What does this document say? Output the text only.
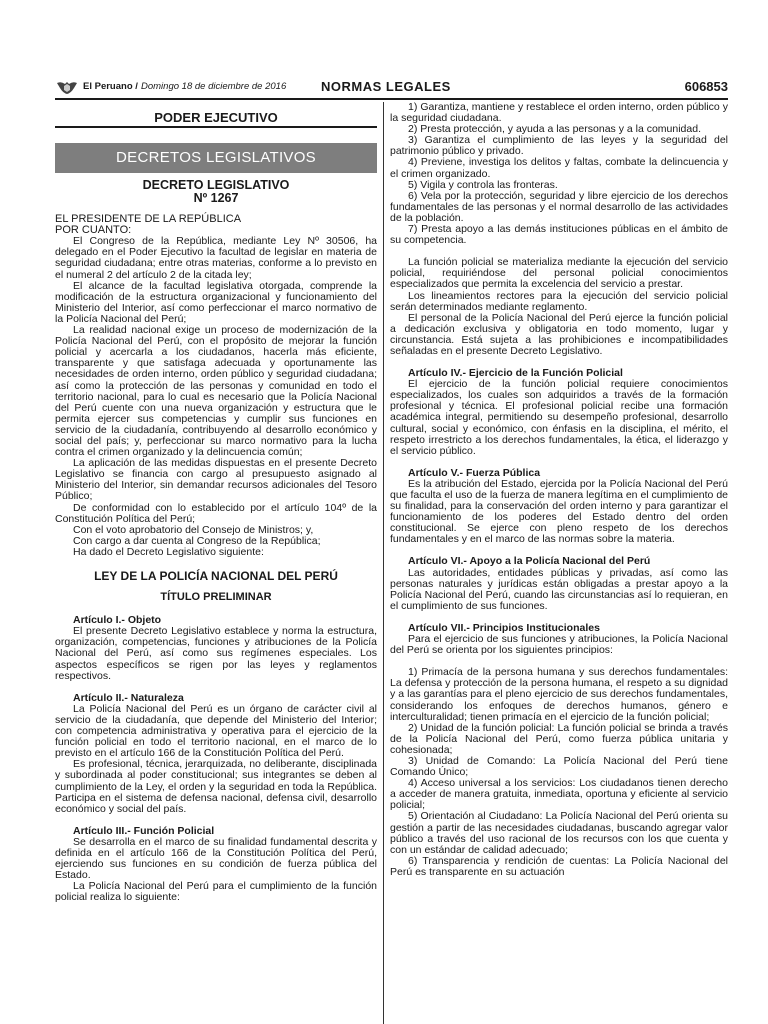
El Peruano / Domingo 18 de diciembre de 2016	NORMAS LEGALES	606853
PODER EJECUTIVO
DECRETOS LEGISLATIVOS
DECRETO LEGISLATIVO
Nº 1267

EL PRESIDENTE DE LA REPÚBLICA

POR CUANTO:

El Congreso de la República, mediante Ley Nº 30506, ha delegado en el Poder Ejecutivo la facultad de legislar en materia de seguridad ciudadana; entre otras materias, conforme a lo previsto en el numeral 2 del artículo 2 de la citada ley;

El alcance de la facultad legislativa otorgada, comprende la modificación de la estructura organizacional y funcionamiento del Ministerio del Interior, así como perfeccionar el marco normativo de la Policía Nacional del Perú;

La realidad nacional exige un proceso de modernización de la Policía Nacional del Perú, con el propósito de mejorar la función policial y acercarla a los ciudadanos, hacerla más eficiente, transparente y que satisfaga adecuada y oportunamente las necesidades de orden interno, orden público y seguridad ciudadana; así como la protección de las personas y comunidad en todo el territorio nacional, para lo cual es necesario que la Policía Nacional del Perú cuente con una nueva organización y estructura que le permita ejercer sus competencias y cumplir sus funciones en servicio de la ciudadanía, contribuyendo al desarrollo económico y social del país; y, perfeccionar su marco normativo para la lucha contra el crimen organizado y la delincuencia común;

La aplicación de las medidas dispuestas en el presente Decreto Legislativo se financia con cargo al presupuesto asignado al Ministerio del Interior, sin demandar recursos adicionales del Tesoro Público;

De conformidad con lo establecido por el artículo 104º de la Constitución Política del Perú;

Con el voto aprobatorio del Consejo de Ministros; y,

Con cargo a dar cuenta al Congreso de la República;

Ha dado el Decreto Legislativo siguiente:

LEY DE LA POLICÍA NACIONAL DEL PERÚ
TÍTULO PRELIMINAR

Artículo I.- Objeto

El presente Decreto Legislativo establece y norma la estructura, organización, competencias, funciones y atribuciones de la Policía Nacional del Perú, así como sus regímenes especiales. Los aspectos específicos se rigen por las leyes y reglamentos respectivos.

Artículo II.- Naturaleza

La Policía Nacional del Perú es un órgano de carácter civil al servicio de la ciudadanía, que depende del Ministerio del Interior; con competencia administrativa y operativa para el ejercicio de la función policial en todo el territorio nacional, en el marco de lo previsto en el artículo 166 de la Constitución Política del Perú.

Es profesional, técnica, jerarquizada, no deliberante, disciplinada y subordinada al poder constitucional; sus integrantes se deben al cumplimiento de la Ley, el orden y la seguridad en toda la República. Participa en el sistema de defensa nacional, defensa civil, desarrollo económico y social del país.

Artículo III.- Función Policial

Se desarrolla en el marco de su finalidad fundamental descrita y definida en el artículo 166 de la Constitución Política del Perú, ejerciendo sus funciones en su condición de fuerza pública del Estado.

La Policía Nacional del Perú para el cumplimiento de la función policial realiza lo siguiente:

1) Garantiza, mantiene y restablece el orden interno, orden público y la seguridad ciudadana.

2) Presta protección, y ayuda a las personas y a la comunidad.

3) Garantiza el cumplimiento de las leyes y la seguridad del patrimonio público y privado.

4) Previene, investiga los delitos y faltas, combate la delincuencia y el crimen organizado.

5) Vigila y controla las fronteras.

6) Vela por la protección, seguridad y libre ejercicio de los derechos fundamentales de las personas y el normal desarrollo de las actividades de la población.

7) Presta apoyo a las demás instituciones públicas en el ámbito de su competencia.

La función policial se materializa mediante la ejecución del servicio policial, requiriéndose del personal policial conocimientos especializados que permita la excelencia del servicio a prestar.

Los lineamientos rectores para la ejecución del servicio policial serán determinados mediante reglamento.

El personal de la Policía Nacional del Perú ejerce la función policial a dedicación exclusiva y obligatoria en todo momento, lugar y circunstancia. Está sujeta a las prohibiciones e incompatibilidades señaladas en el presente Decreto Legislativo.

Artículo IV.- Ejercicio de la Función Policial

El ejercicio de la función policial requiere conocimientos especializados, los cuales son adquiridos a través de la formación profesional y técnica. El profesional policial recibe una formación académica integral, permitiendo su desempeño profesional, desarrollo cultural, social y económico, con énfasis en la disciplina, el mérito, el respeto irrestricto a los derechos fundamentales, la ética, el liderazgo y el servicio público.

Artículo V.- Fuerza Pública

Es la atribución del Estado, ejercida por la Policía Nacional del Perú que faculta el uso de la fuerza de manera legítima en el cumplimiento de su finalidad, para la conservación del orden interno y para garantizar el funcionamiento de los poderes del Estado dentro del orden constitucional. Se ejerce con pleno respeto de los derechos fundamentales y en el marco de las normas sobre la materia.

Artículo VI.- Apoyo a la Policía Nacional del Perú

Las autoridades, entidades públicas y privadas, así como las personas naturales y jurídicas están obligadas a prestar apoyo a la Policía Nacional del Perú, cuando las circunstancias así lo requieran, en el cumplimiento de sus funciones.

Artículo VII.- Principios Institucionales

Para el ejercicio de sus funciones y atribuciones, la Policía Nacional del Perú se orienta por los siguientes principios:

1) Primacía de la persona humana y sus derechos fundamentales: La defensa y protección de la persona humana, el respeto a su dignidad y a las garantías para el pleno ejercicio de sus derechos fundamentales, considerando los enfoques de derechos humanos, género e interculturalidad; tienen primacía en el ejercicio de la función policial;

2) Unidad de la función policial: La función policial se brinda a través de la Policía Nacional del Perú, como fuerza pública unitaria y cohesionada;

3) Unidad de Comando: La Policía Nacional del Perú tiene Comando Único;

4) Acceso universal a los servicios: Los ciudadanos tienen derecho a acceder de manera gratuita, inmediata, oportuna y eficiente al servicio policial;

5) Orientación al Ciudadano: La Policía Nacional del Perú orienta su gestión a partir de las necesidades ciudadanas, buscando agregar valor público a través del uso racional de los recursos con los que cuenta y con un estándar de calidad adecuado;

6) Transparencia y rendición de cuentas: La Policía Nacional del Perú es transparente en su actuación
